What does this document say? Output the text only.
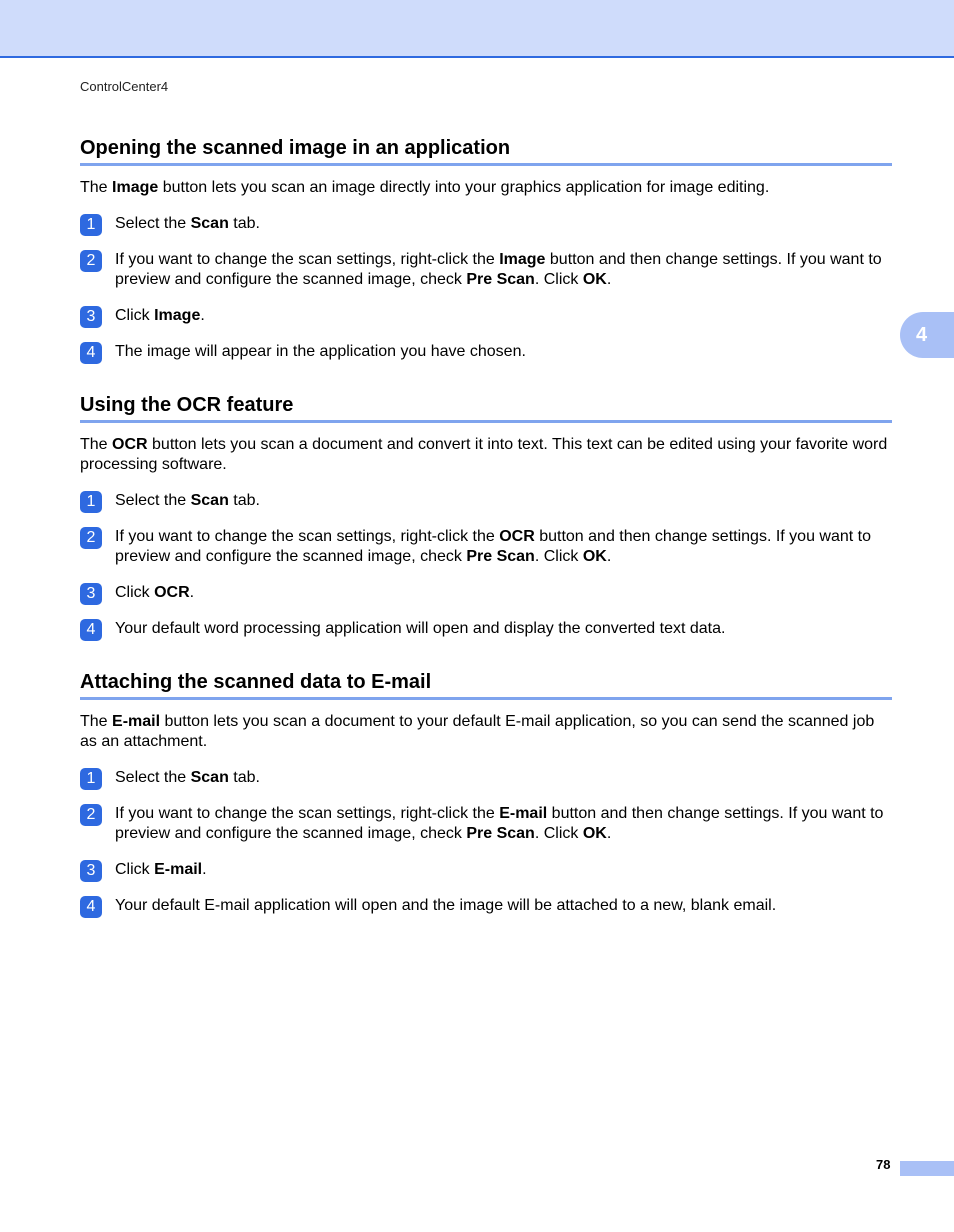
ControlCenter4
4
Opening the scanned image in an application
The Image button lets you scan an image directly into your graphics application for image editing.
1	Select the Scan tab.
2	If you want to change the scan settings, right-click the Image button and then change settings. If you want to preview and configure the scanned image, check Pre Scan. Click OK.
3	Click Image.
4	The image will appear in the application you have chosen.
Using the OCR feature
The OCR button lets you scan a document and convert it into text. This text can be edited using your favorite word processing software.
1	Select the Scan tab.
2	If you want to change the scan settings, right-click the OCR button and then change settings. If you want to preview and configure the scanned image, check Pre Scan. Click OK.
3	Click OCR.
4	Your default word processing application will open and display the converted text data.
Attaching the scanned data to E-mail
The E-mail button lets you scan a document to your default E-mail application, so you can send the scanned job as an attachment.
1	Select the Scan tab.
2	If you want to change the scan settings, right-click the E-mail button and then change settings. If you want to preview and configure the scanned image, check Pre Scan. Click OK.
3	Click E-mail.
4	Your default E-mail application will open and the image will be attached to a new, blank email.
78
